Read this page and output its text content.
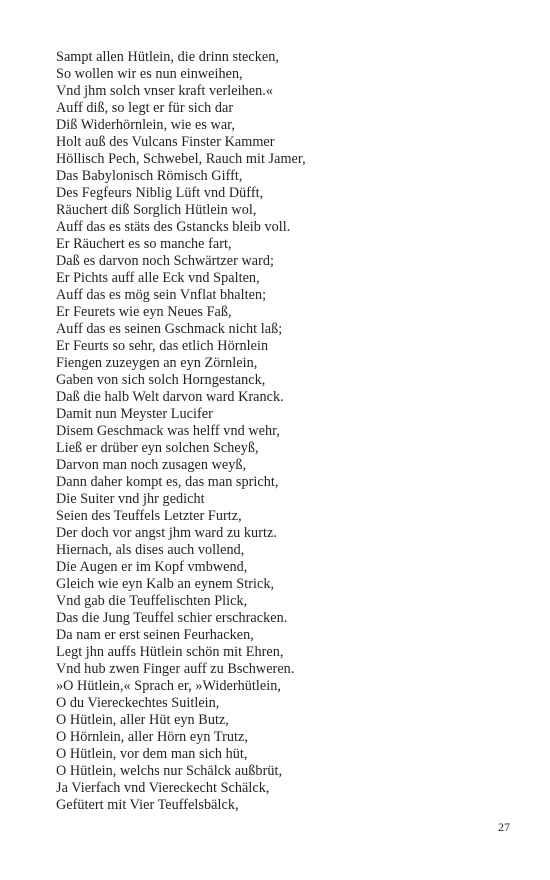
Sampt allen Hütlein, die drinn stecken,
So wollen wir es nun einweihen,
Vnd jhm solch vnser kraft verleihen.«
Auff diß, so legt er für sich dar
Diß Widerhörnlein, wie es war,
Holt auß des Vulcans Finster Kammer
Höllisch Pech, Schwebel, Rauch mit Jamer,
Das Babylonisch Römisch Gifft,
Des Fegfeurs Niblig Lüft vnd Düfft,
Räuchert diß Sorglich Hütlein wol,
Auff das es stäts des Gstancks bleib voll.
Er Räuchert es so manche fart,
Daß es darvon noch Schwärtzer ward;
Er Pichts auff alle Eck vnd Spalten,
Auff das es mög sein Vnflat bhalten;
Er Feurets wie eyn Neues Faß,
Auff das es seinen Gschmack nicht laß;
Er Feurts so sehr, das etlich Hörnlein
Fiengen zuzeygen an eyn Zörnlein,
Gaben von sich solch Horngestanck,
Daß die halb Welt darvon ward Kranck.
Damit nun Meyster Lucifer
Disem Geschmack was helff vnd wehr,
Ließ er drüber eyn solchen Scheyß,
Darvon man noch zusagen weyß,
Dann daher kompt es, das man spricht,
Die Suiter vnd jhr gedicht
Seien des Teuffels Letzter Furtz,
Der doch vor angst jhm ward zu kurtz.
Hiernach, als dises auch vollend,
Die Augen er im Kopf vmbwend,
Gleich wie eyn Kalb an eynem Strick,
Vnd gab die Teuffelischten Plick,
Das die Jung Teuffel schier erschracken.
Da nam er erst seinen Feurhacken,
Legt jhn auffs Hütlein schön mit Ehren,
Vnd hub zwen Finger auff zu Bschweren.
»O Hütlein,« Sprach er, »Widerhütlein,
O du Viereckechtes Suitlein,
O Hütlein, aller Hüt eyn Butz,
O Hörnlein, aller Hörn eyn Trutz,
O Hütlein, vor dem man sich hüt,
O Hütlein, welchs nur Schälck außbrüt,
Ja Vierfach vnd Viereckecht Schälck,
Gefütert mit Vier Teuffelsbälck,
27
